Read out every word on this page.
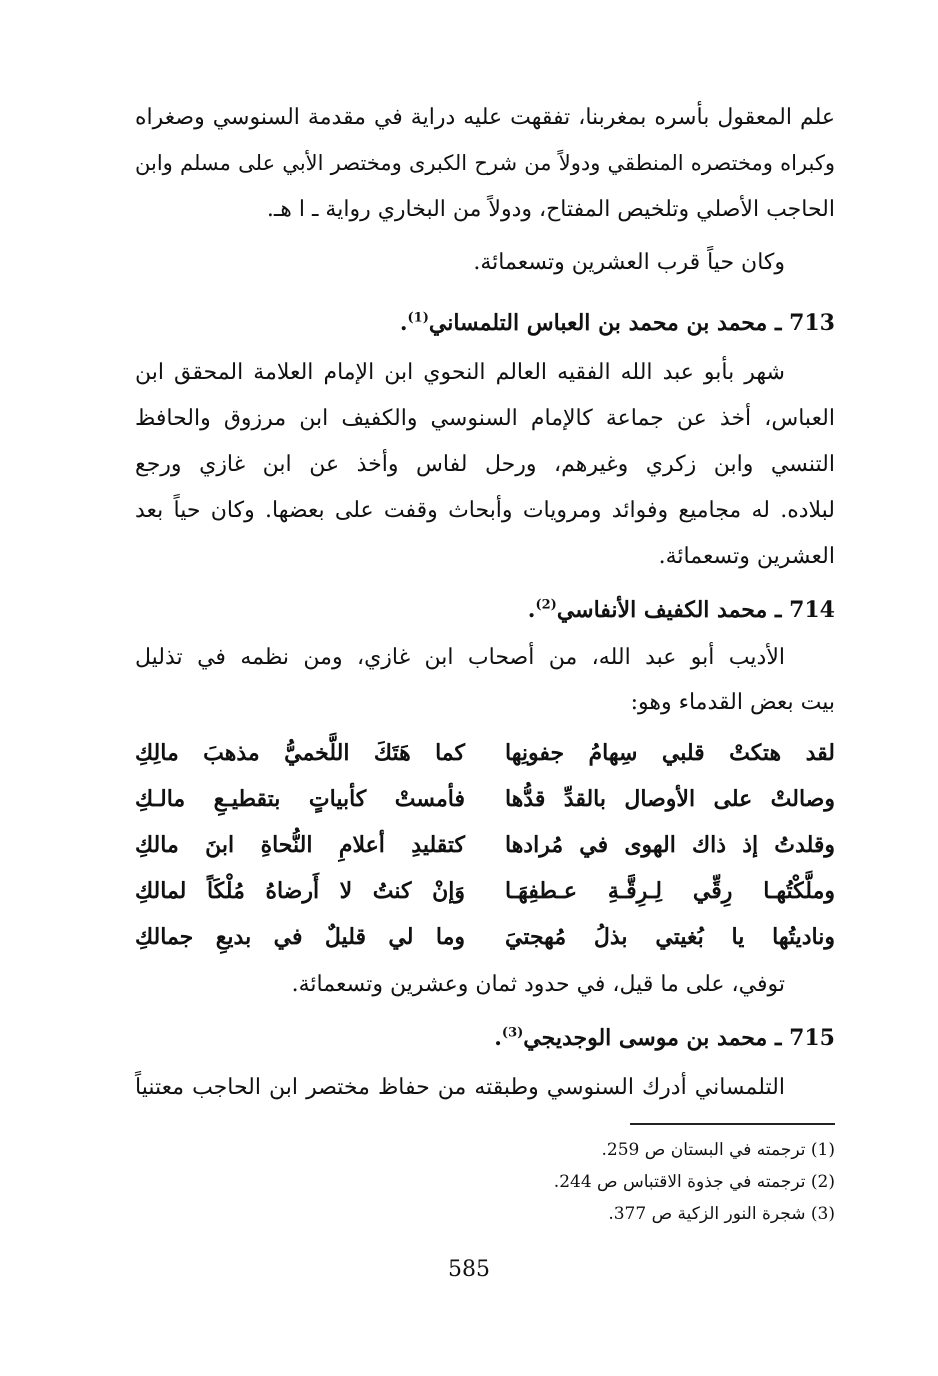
علم المعقول بأسره بمغربنا، تفقهت عليه دراية في مقدمة السنوسي وصغراه
وكبراه ومختصره المنطقي ودولاً من شرح الكبرى ومختصر الأبي على مسلم وابن
الحاجب الأصلي وتلخيص المفتاح، ودولاً من البخاري رواية ـ ا هـ.
وكان حياً قرب العشرين وتسعمائة.
713 ـ محمد بن محمد بن العباس التلمساني$^{(1)}$.
شهر بأبو عبد الله الفقيه العالم النحوي ابن الإمام العلامة المحقق ابن
العباس، أخذ عن جماعة كالإمام السنوسي والكفيف ابن مرزوق والحافظ
التنسي وابن زكري وغيرهم، ورحل لفاس وأخذ عن ابن غازي ورجع
لبلاده. له مجاميع وفوائد ومرويات وأبحاث وقفت على بعضها. وكان حياً بعد
العشرين وتسعمائة.
714 ـ محمد الكفيف الأنفاسي$^{(2)}$.
الأديب أبو عبد الله، من أصحاب ابن غازي، ومن نظمه في تذليل
بيت بعض القدماء وهو:
لقد هتكتْ قلبي سِهامُ جفونِها
كما هَتَكَ اللَّخميُّ مذهبَ مالِكِ
وصالتْ على الأوصال بالقدِّ قدُّها
فأمستْ كأبياتٍ بتقطيـعِ مالـكِ
وقلدتُ إذ ذاك الهوى في مُرادها
كتقليدِ أعلامِ النُّحاةِ ابنَ مالكِ
وملَّكْتُهـا رِقِّي لِـرِقَّـةِ عـطفِهَـا
وَإنْ كنتُ لا أَرضاهُ مُلْكَاً لمالكِ
وناديتُها يا بُغيتي بذلُ مُهجتيَ
وما لي قليلٌ في بديعِ جمالكِ
توفي، على ما قيل، في حدود ثمان وعشرين وتسعمائة.
715 ـ محمد بن موسى الوجديجي$^{(3)}$.
التلمساني أدرك السنوسي وطبقته من حفاظ مختصر ابن الحاجب معتنياً
(1) ترجمته في البستان ص 259.
(2) ترجمته في جذوة الاقتباس ص 244.
(3) شجرة النور الزكية ص 377.
585
